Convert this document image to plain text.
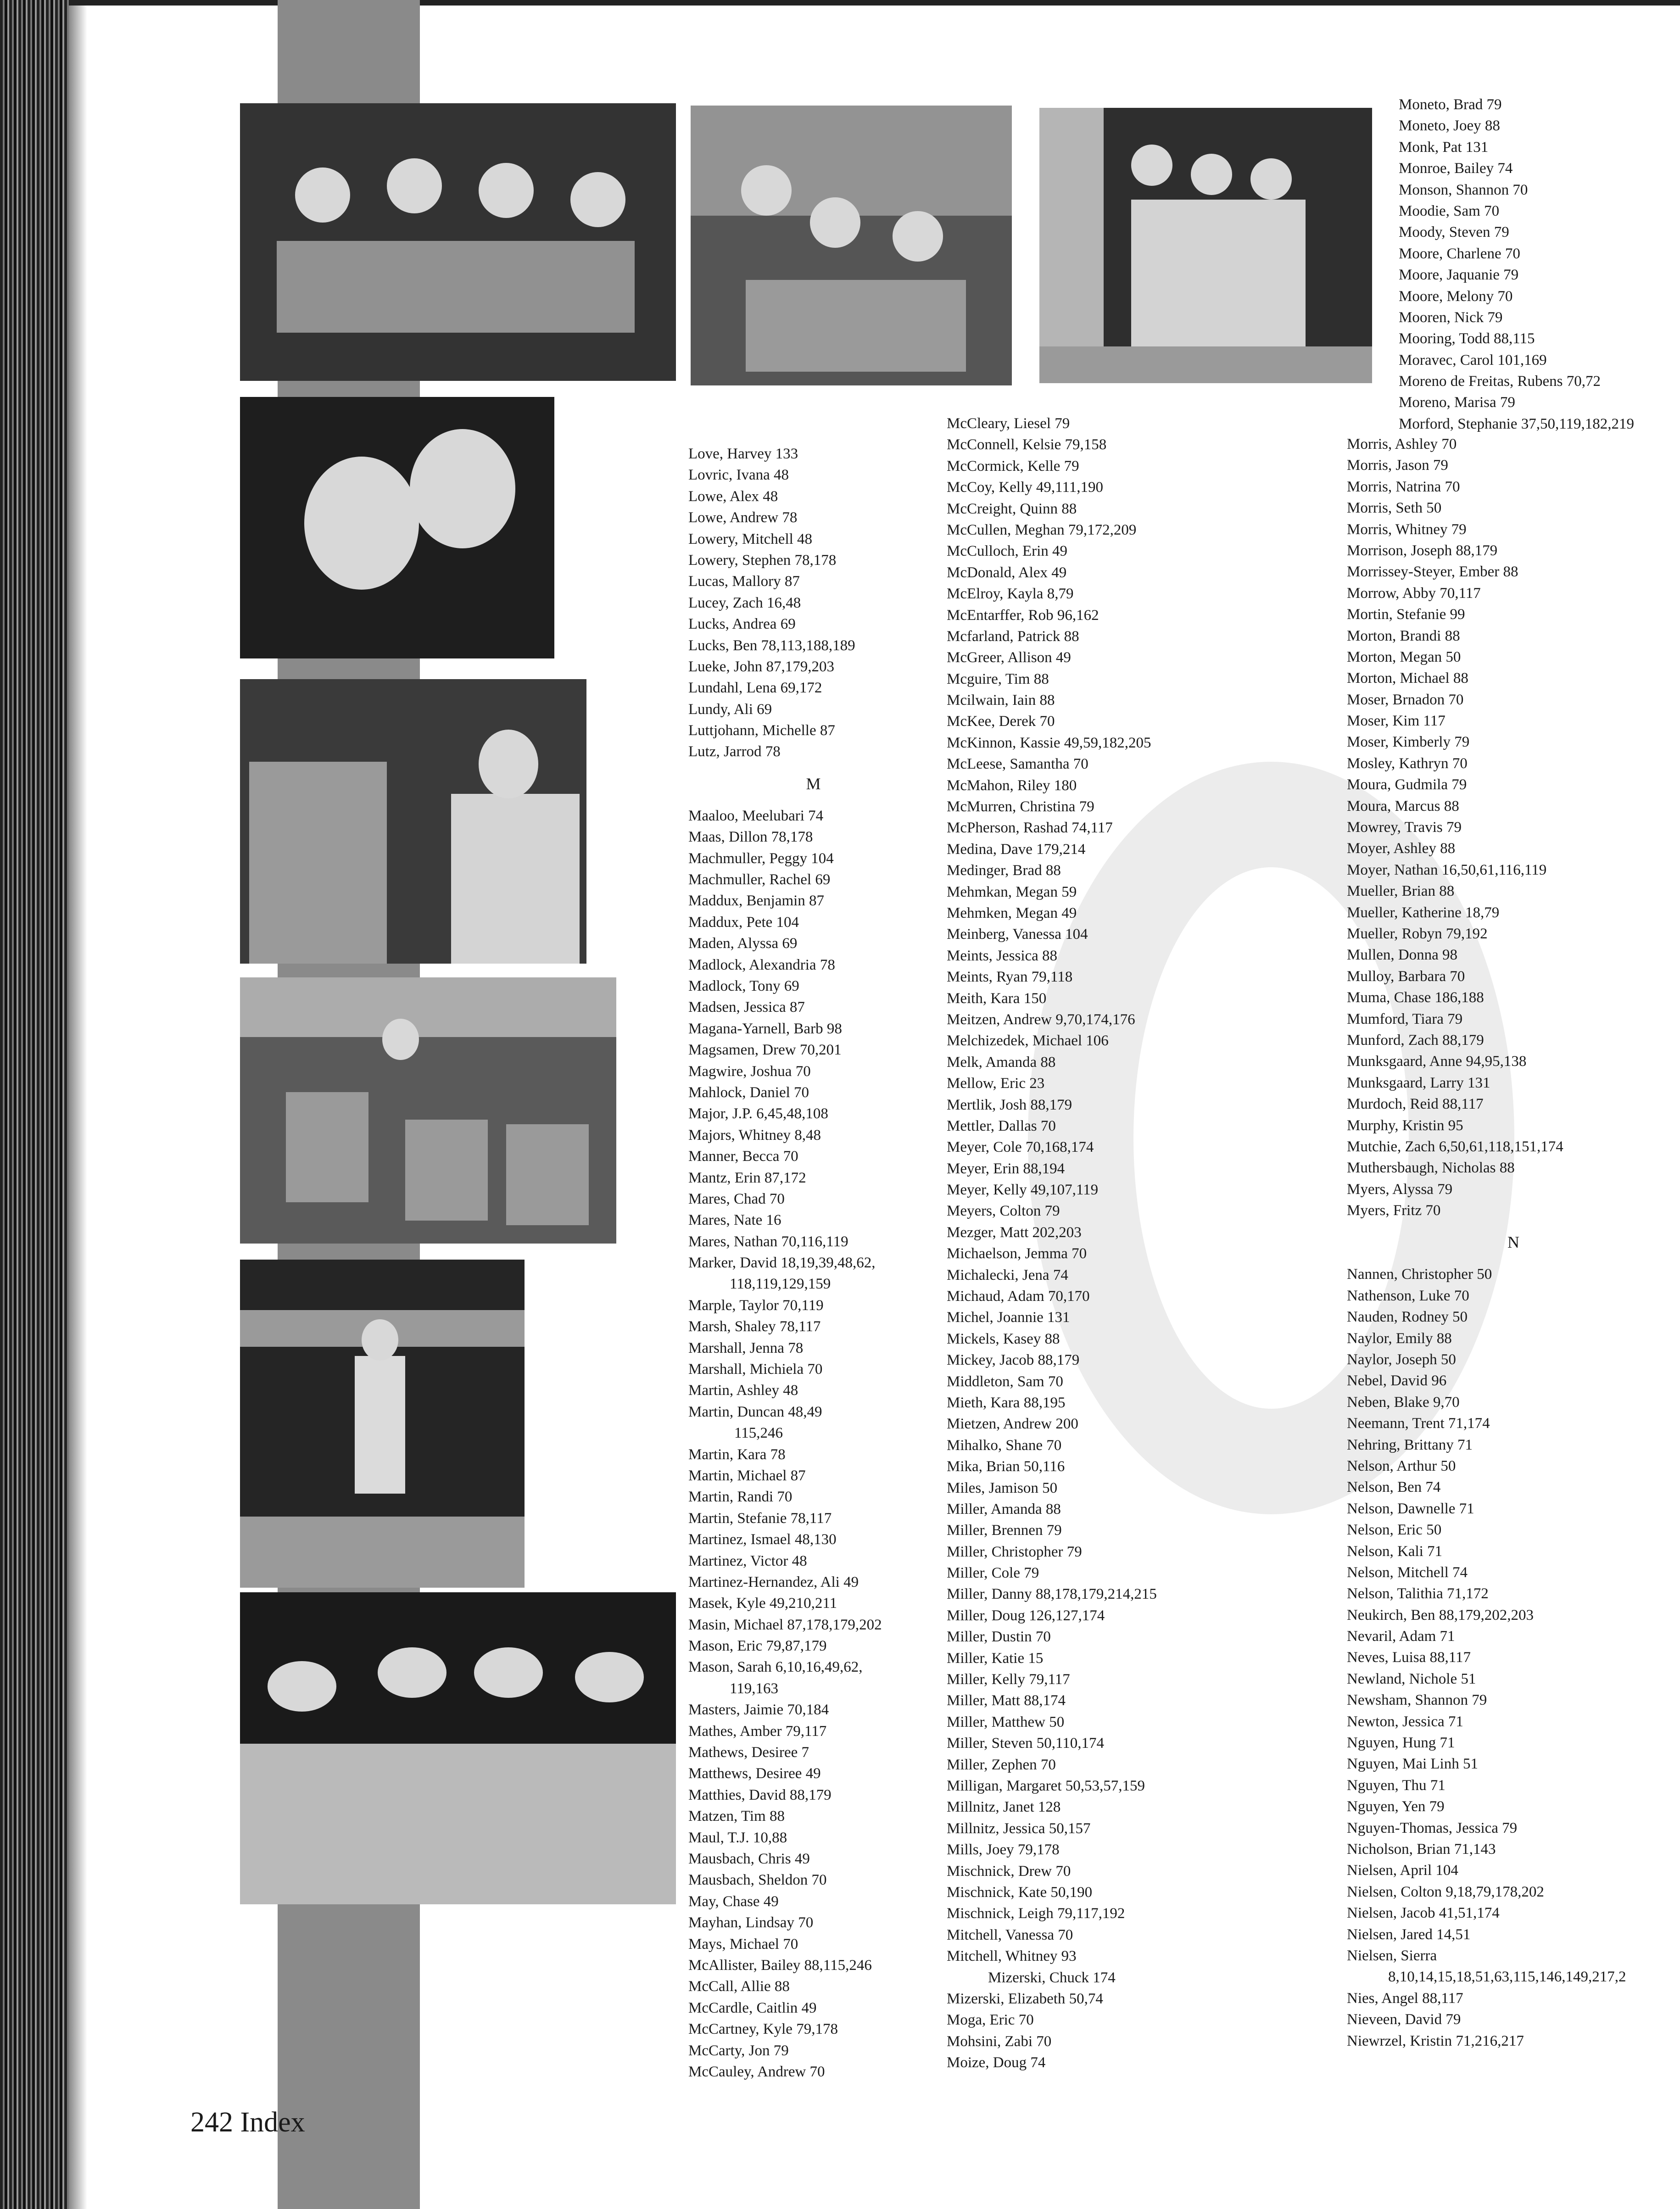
Love, Harvey 133
Lovric, Ivana 48
Lowe, Alex 48
Lowe, Andrew 78
Lowery, Mitchell 48
Lowery, Stephen 78,178
Lucas, Mallory 87
Lucey, Zach 16,48
Lucks, Andrea 69
Lucks, Ben 78,113,188,189
Lueke, John 87,179,203
Lundahl, Lena 69,172
Lundy, Ali 69
Luttjohann, Michelle 87
Lutz, Jarrod 78
M
Maaloo, Meelubari 74
Maas, Dillon 78,178
Machmuller, Peggy 104
Machmuller, Rachel 69
Maddux, Benjamin 87
Maddux, Pete 104
Maden, Alyssa 69
Madlock, Alexandria 78
Madlock, Tony 69
Madsen, Jessica 87
Magana-Yarnell, Barb 98
Magsamen, Drew 70,201
Magwire, Joshua 70
Mahlock, Daniel 70
Major, J.P. 6,45,48,108
Majors, Whitney 8,48
Manner, Becca 70
Mantz, Erin 87,172
Mares, Chad 70
Mares, Nate 16
Mares, Nathan 70,116,119
Marker, David 18,19,39,48,62,
118,119,129,159
Marple, Taylor 70,119
Marsh, Shaley 78,117
Marshall, Jenna 78
Marshall, Michiela 70
Martin, Ashley 48
Martin, Duncan 48,49
115,246
Martin, Kara 78
Martin, Michael 87
Martin, Randi 70
Martin, Stefanie 78,117
Martinez, Ismael 48,130
Martinez, Victor 48
Martinez-Hernandez, Ali 49
Masek, Kyle 49,210,211
Masin, Michael 87,178,179,202
Mason, Eric 79,87,179
Mason, Sarah 6,10,16,49,62,
119,163
Masters, Jaimie 70,184
Mathes, Amber 79,117
Mathews, Desiree 7
Matthews, Desiree 49
Matthies, David 88,179
Matzen, Tim 88
Maul, T.J. 10,88
Mausbach, Chris 49
Mausbach, Sheldon 70
May, Chase 49
Mayhan, Lindsay 70
Mays, Michael 70
McAllister, Bailey 88,115,246
McCall, Allie 88
McCardle, Caitlin 49
McCartney, Kyle 79,178
McCarty, Jon 79
McCauley, Andrew 70
McCleary, Liesel 79
McConnell, Kelsie 79,158
McCormick, Kelle 79
McCoy, Kelly 49,111,190
McCreight, Quinn 88
McCullen, Meghan 79,172,209
McCulloch, Erin 49
McDonald, Alex 49
McElroy, Kayla 8,79
McEntarffer, Rob 96,162
Mcfarland, Patrick 88
McGreer, Allison 49
Mcguire, Tim 88
Mcilwain, Iain 88
McKee, Derek 70
McKinnon, Kassie 49,59,182,205
McLeese, Samantha 70
McMahon, Riley 180
McMurren, Christina 79
McPherson, Rashad 74,117
Medina, Dave 179,214
Medinger, Brad 88
Mehmkan, Megan 59
Mehmken, Megan 49
Meinberg, Vanessa 104
Meints, Jessica 88
Meints, Ryan 79,118
Meith, Kara 150
Meitzen, Andrew 9,70,174,176
Melchizedek, Michael 106
Melk, Amanda 88
Mellow, Eric 23
Mertlik, Josh 88,179
Mettler, Dallas 70
Meyer, Cole 70,168,174
Meyer, Erin 88,194
Meyer, Kelly 49,107,119
Meyers, Colton 79
Mezger, Matt 202,203
Michaelson, Jemma 70
Michalecki, Jena 74
Michaud, Adam 70,170
Michel, Joannie 131
Mickels, Kasey 88
Mickey, Jacob 88,179
Middleton, Sam 70
Mieth, Kara 88,195
Mietzen, Andrew 200
Mihalko, Shane 70
Mika, Brian 50,116
Miles, Jamison 50
Miller, Amanda 88
Miller, Brennen 79
Miller, Christopher 79
Miller, Cole 79
Miller, Danny 88,178,179,214,215
Miller, Doug 126,127,174
Miller, Dustin 70
Miller, Katie 15
Miller, Kelly 79,117
Miller, Matt 88,174
Miller, Matthew 50
Miller, Steven 50,110,174
Miller, Zephen 70
Milligan, Margaret 50,53,57,159
Millnitz, Janet 128
Millnitz, Jessica 50,157
Mills, Joey 79,178
Mischnick, Drew 70
Mischnick, Kate 50,190
Mischnick, Leigh 79,117,192
Mitchell, Vanessa 70
Mitchell, Whitney 93
Mizerski, Chuck 174
Mizerski, Elizabeth 50,74
Moga, Eric 70
Mohsini, Zabi 70
Moize, Doug 74
Moneto, Brad 79
Moneto, Joey 88
Monk, Pat 131
Monroe, Bailey 74
Monson, Shannon 70
Moodie, Sam 70
Moody, Steven 79
Moore, Charlene 70
Moore, Jaquanie 79
Moore, Melony 70
Mooren, Nick 79
Mooring, Todd 88,115
Moravec, Carol 101,169
Moreno de Freitas, Rubens 70,72
Moreno, Marisa 79
Morford, Stephanie 37,50,119,182,219
Morris, Ashley 70
Morris, Jason 79
Morris, Natrina 70
Morris, Seth 50
Morris, Whitney 79
Morrison, Joseph 88,179
Morrissey-Steyer, Ember 88
Morrow, Abby 70,117
Mortin, Stefanie 99
Morton, Brandi 88
Morton, Megan 50
Morton, Michael 88
Moser, Brnadon 70
Moser, Kim 117
Moser, Kimberly 79
Mosley, Kathryn 70
Moura, Gudmila 79
Moura, Marcus 88
Mowrey, Travis 79
Moyer, Ashley 88
Moyer, Nathan 16,50,61,116,119
Mueller, Brian 88
Mueller, Katherine 18,79
Mueller, Robyn 79,192
Mullen, Donna 98
Mulloy, Barbara 70
Muma, Chase 186,188
Mumford, Tiara 79
Munford, Zach 88,179
Munksgaard, Anne 94,95,138
Munksgaard, Larry 131
Murdoch, Reid 88,117
Murphy, Kristin 95
Mutchie, Zach 6,50,61,118,151,174
Muthersbaugh, Nicholas 88
Myers, Alyssa 79
Myers, Fritz 70
N
Nannen, Christopher 50
Nathenson, Luke 70
Nauden, Rodney 50
Naylor, Emily 88
Naylor, Joseph 50
Nebel, David 96
Neben, Blake 9,70
Neemann, Trent 71,174
Nehring, Brittany 71
Nelson, Arthur 50
Nelson, Ben 74
Nelson, Dawnelle 71
Nelson, Eric 50
Nelson, Kali 71
Nelson, Mitchell 74
Nelson, Talithia 71,172
Neukirch, Ben 88,179,202,203
Nevaril, Adam 71
Neves, Luisa 88,117
Newland, Nichole 51
Newsham, Shannon 79
Newton, Jessica 71
Nguyen, Hung 71
Nguyen, Mai Linh 51
Nguyen, Thu 71
Nguyen, Yen 79
Nguyen-Thomas, Jessica 79
Nicholson, Brian 71,143
Nielsen, April 104
Nielsen, Colton 9,18,79,178,202
Nielsen, Jacob 41,51,174
Nielsen, Jared 14,51
Nielsen, Sierra
8,10,14,15,18,51,63,115,146,149,217,2
Nies, Angel 88,117
Nieveen, David 79
Niewrzel, Kristin 71,216,217
242 Index
